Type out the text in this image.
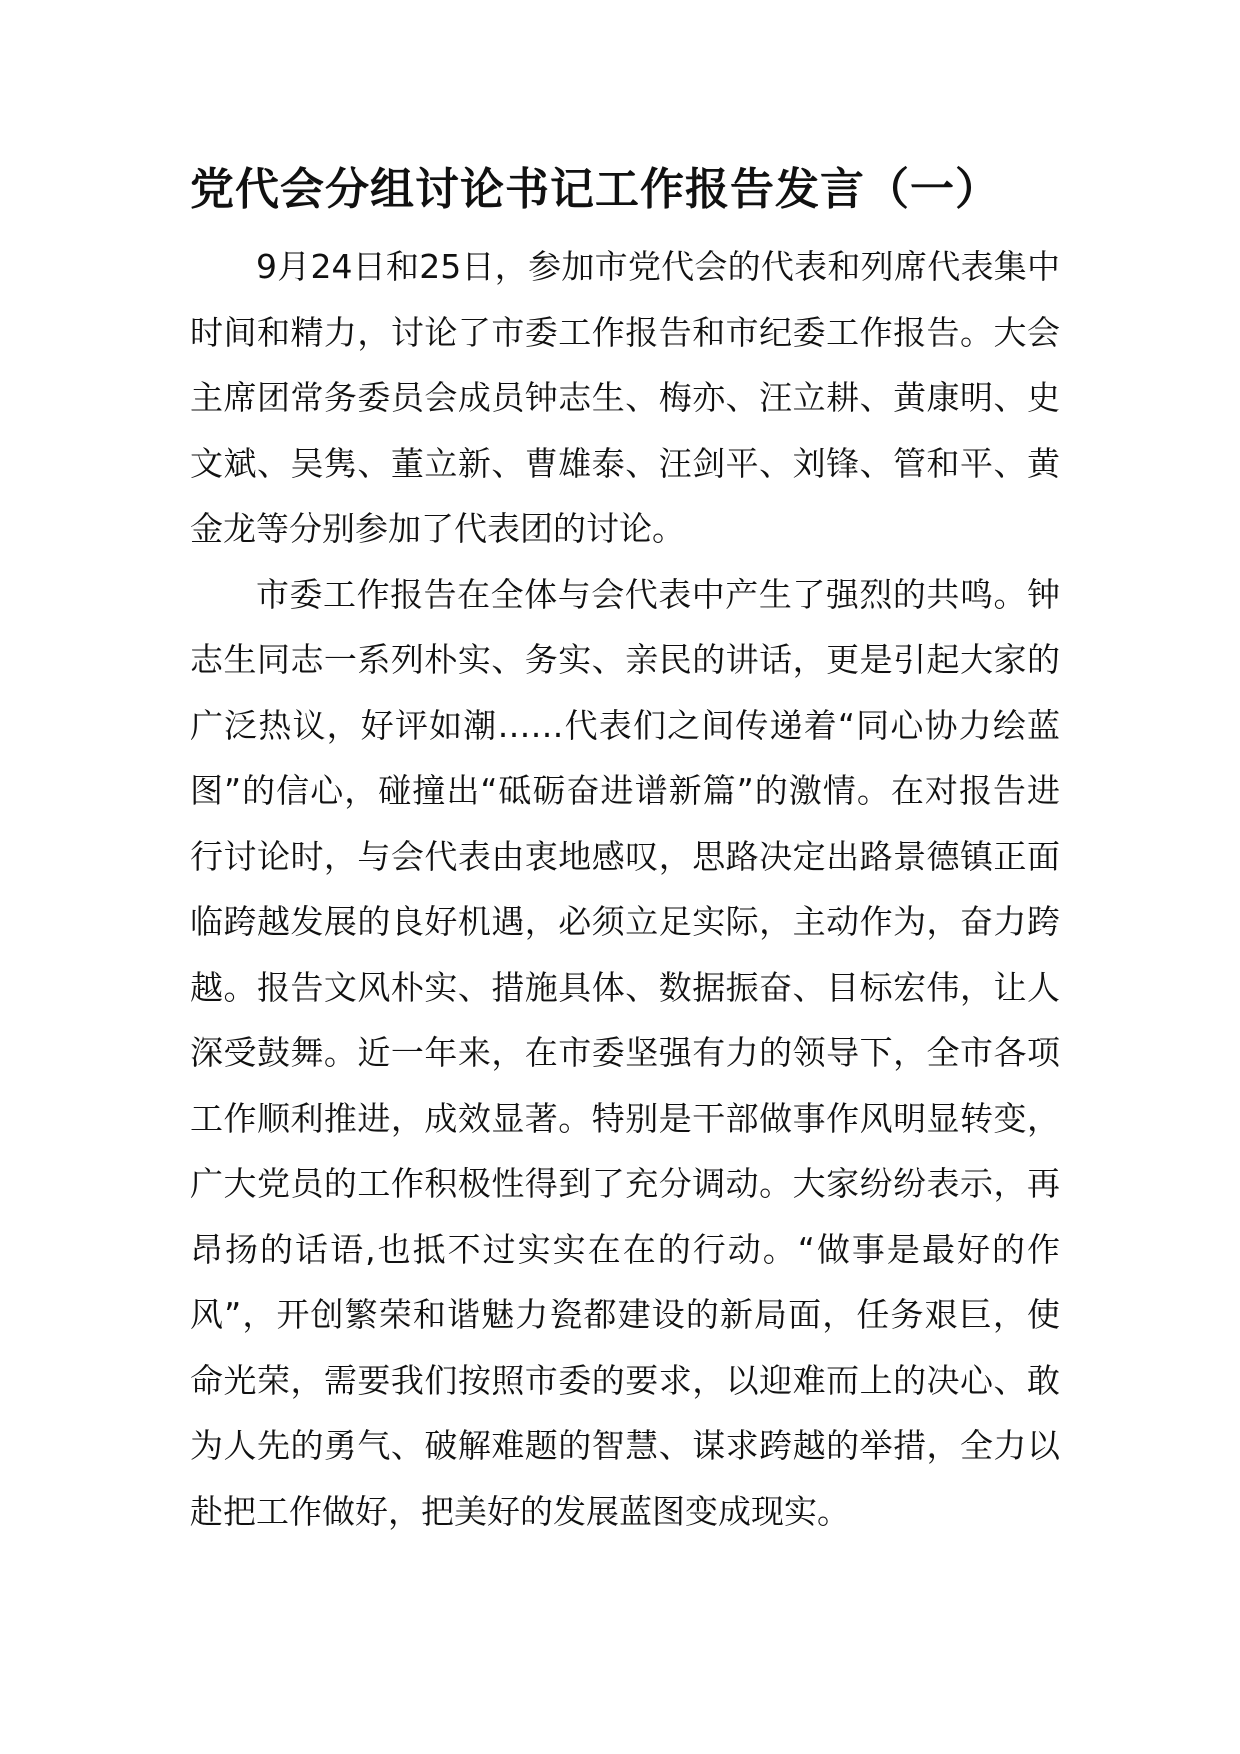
党代会分组讨论书记工作报告发言（一）

9月24日和25日，参加市党代会的代表和列席代表集中时间和精力，讨论了市委工作报告和市纪委工作报告。大会主席团常务委员会成员钟志生、梅亦、汪立耕、黄康明、史文斌、吴隽、董立新、曹雄泰、汪剑平、刘锋、管和平、黄金龙等分别参加了代表团的讨论。

市委工作报告在全体与会代表中产生了强烈的共鸣。钟志生同志一系列朴实、务实、亲民的讲话，更是引起大家的广泛热议，好评如潮……代表们之间传递着“同心协力绘蓝图”的信心，碰撞出“砥砺奋进谱新篇”的激情。在对报告进行讨论时，与会代表由衷地感叹，思路决定出路景德镇正面临跨越发展的良好机遇，必须立足实际，主动作为，奋力跨越。报告文风朴实、措施具体、数据振奋、目标宏伟，让人深受鼓舞。近一年来，在市委坚强有力的领导下，全市各项工作顺利推进，成效显著。特别是干部做事作风明显转变，广大党员的工作积极性得到了充分调动。大家纷纷表示，再昂扬的话语,也抵不过实实在在的行动。“做事是最好的作风”，开创繁荣和谐魅力瓷都建设的新局面，任务艰巨，使命光荣，需要我们按照市委的要求，以迎难而上的决心、敢为人先的勇气、破解难题的智慧、谋求跨越的举措，全力以赴把工作做好，把美好的发展蓝图变成现实。
